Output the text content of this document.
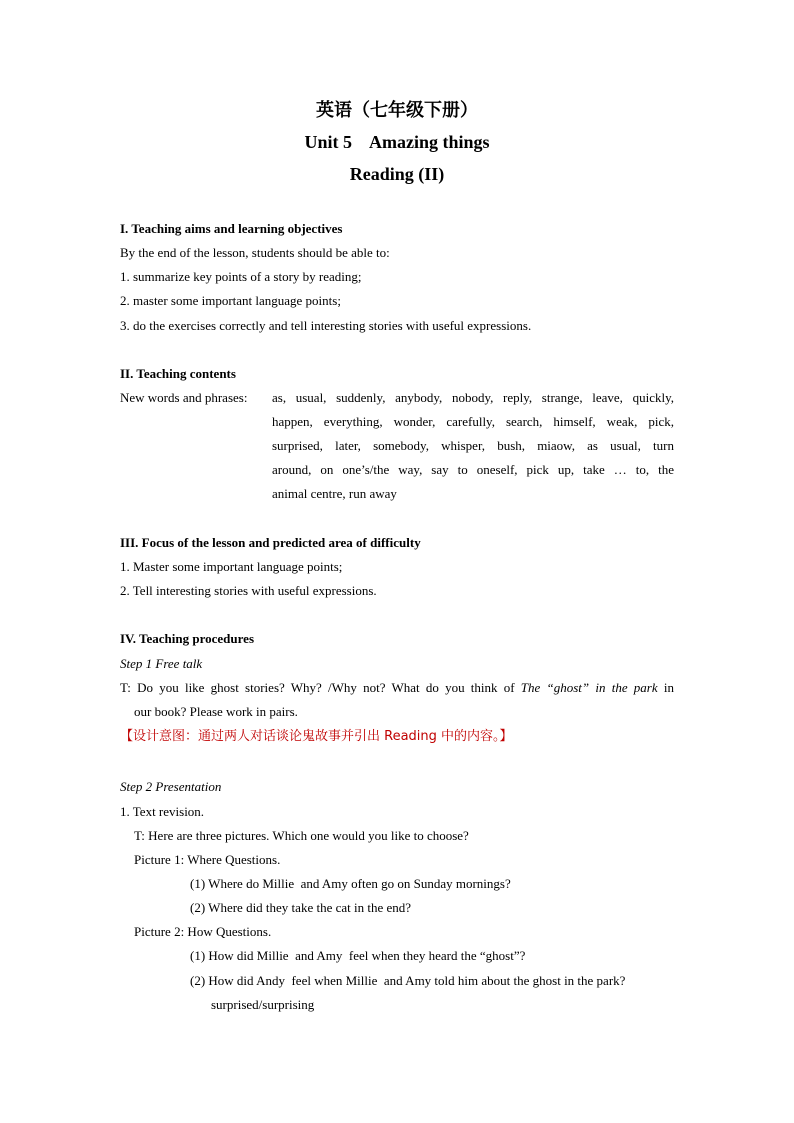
英语（七年级下册）
Unit 5    Amazing things
Reading (II)
I. Teaching aims and learning objectives
By the end of the lesson, students should be able to:
1. summarize key points of a story by reading;
2. master some important language points;
3. do the exercises correctly and tell interesting stories with useful expressions.
II. Teaching contents
New words and phrases: as, usual, suddenly, anybody, nobody, reply, strange, leave, quickly,
happen, everything, wonder, carefully, search, himself, weak, pick,
surprised, later, somebody, whisper, bush, miaow, as usual, turn
around, on one’s/the way, say to oneself, pick up, take … to, the
animal centre, run away
III. Focus of the lesson and predicted area of difficulty
1. Master some important language points;
2. Tell interesting stories with useful expressions.
IV. Teaching procedures
Step 1 Free talk
T: Do you like ghost stories? Why? /Why not? What do you think of The “ghost” in the park in
our book? Please work in pairs.
【设计意图：通过两人对话谈论鬼故事并引出 Reading 中的内容。】
Step 2 Presentation
1. Text revision.
T: Here are three pictures. Which one would you like to choose?
Picture 1: Where Questions.
(1) Where do Millie  and Amy often go on Sunday mornings?
(2) Where did they take the cat in the end?
Picture 2: How Questions.
(1) How did Millie  and Amy  feel when they heard the “ghost”?
(2) How did Andy  feel when Millie  and Amy told him about the ghost in the park?
surprised/surprising
